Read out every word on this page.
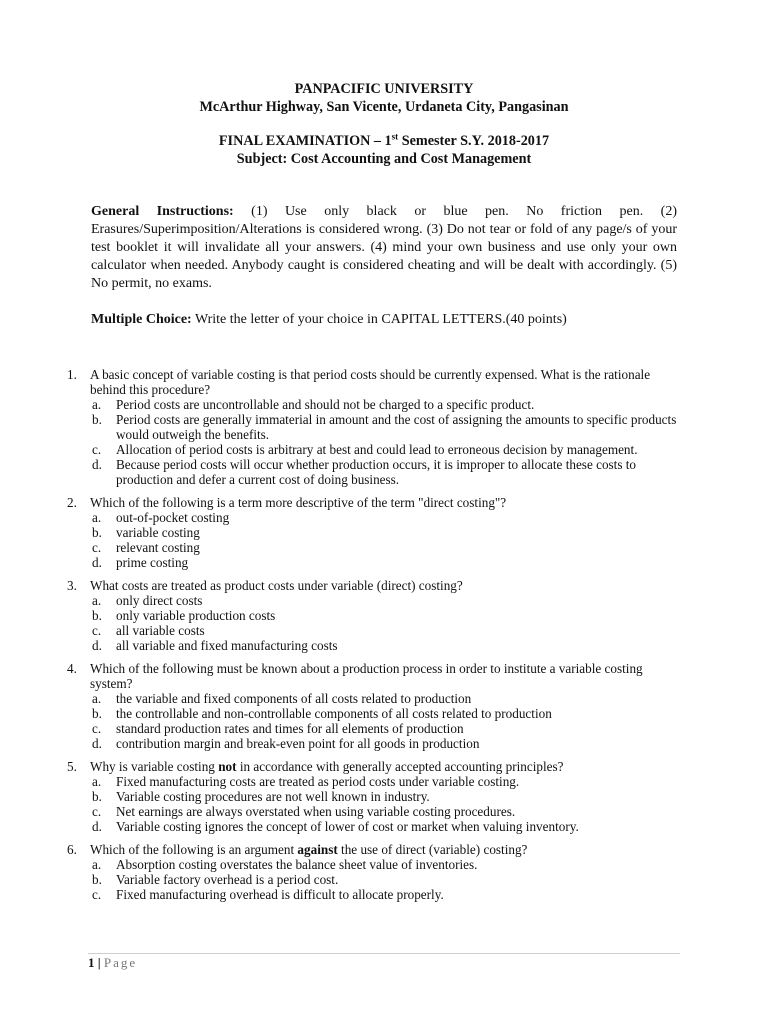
PANPACIFIC UNIVERSITY
McArthur Highway, San Vicente, Urdaneta City, Pangasinan
FINAL EXAMINATION – 1st Semester S.Y. 2018-2017
Subject: Cost Accounting and Cost Management
General Instructions: (1) Use only black or blue pen. No friction pen. (2) Erasures/Superimposition/Alterations is considered wrong. (3) Do not tear or fold of any page/s of your test booklet it will invalidate all your answers. (4) mind your own business and use only your own calculator when needed. Anybody caught is considered cheating and will be dealt with accordingly. (5) No permit, no exams.
Multiple Choice: Write the letter of your choice in CAPITAL LETTERS.(40 points)
1. A basic concept of variable costing is that period costs should be currently expensed. What is the rationale behind this procedure?
a. Period costs are uncontrollable and should not be charged to a specific product.
b. Period costs are generally immaterial in amount and the cost of assigning the amounts to specific products would outweigh the benefits.
c. Allocation of period costs is arbitrary at best and could lead to erroneous decision by management.
d. Because period costs will occur whether production occurs, it is improper to allocate these costs to production and defer a current cost of doing business.
2. Which of the following is a term more descriptive of the term "direct costing"?
a. out-of-pocket costing
b. variable costing
c. relevant costing
d. prime costing
3. What costs are treated as product costs under variable (direct) costing?
a. only direct costs
b. only variable production costs
c. all variable costs
d. all variable and fixed manufacturing costs
4. Which of the following must be known about a production process in order to institute a variable costing system?
a. the variable and fixed components of all costs related to production
b. the controllable and non-controllable components of all costs related to production
c. standard production rates and times for all elements of production
d. contribution margin and break-even point for all goods in production
5. Why is variable costing not in accordance with generally accepted accounting principles?
a. Fixed manufacturing costs are treated as period costs under variable costing.
b. Variable costing procedures are not well known in industry.
c. Net earnings are always overstated when using variable costing procedures.
d. Variable costing ignores the concept of lower of cost or market when valuing inventory.
6. Which of the following is an argument against the use of direct (variable) costing?
a. Absorption costing overstates the balance sheet value of inventories.
b. Variable factory overhead is a period cost.
c. Fixed manufacturing overhead is difficult to allocate properly.
1 | Page
